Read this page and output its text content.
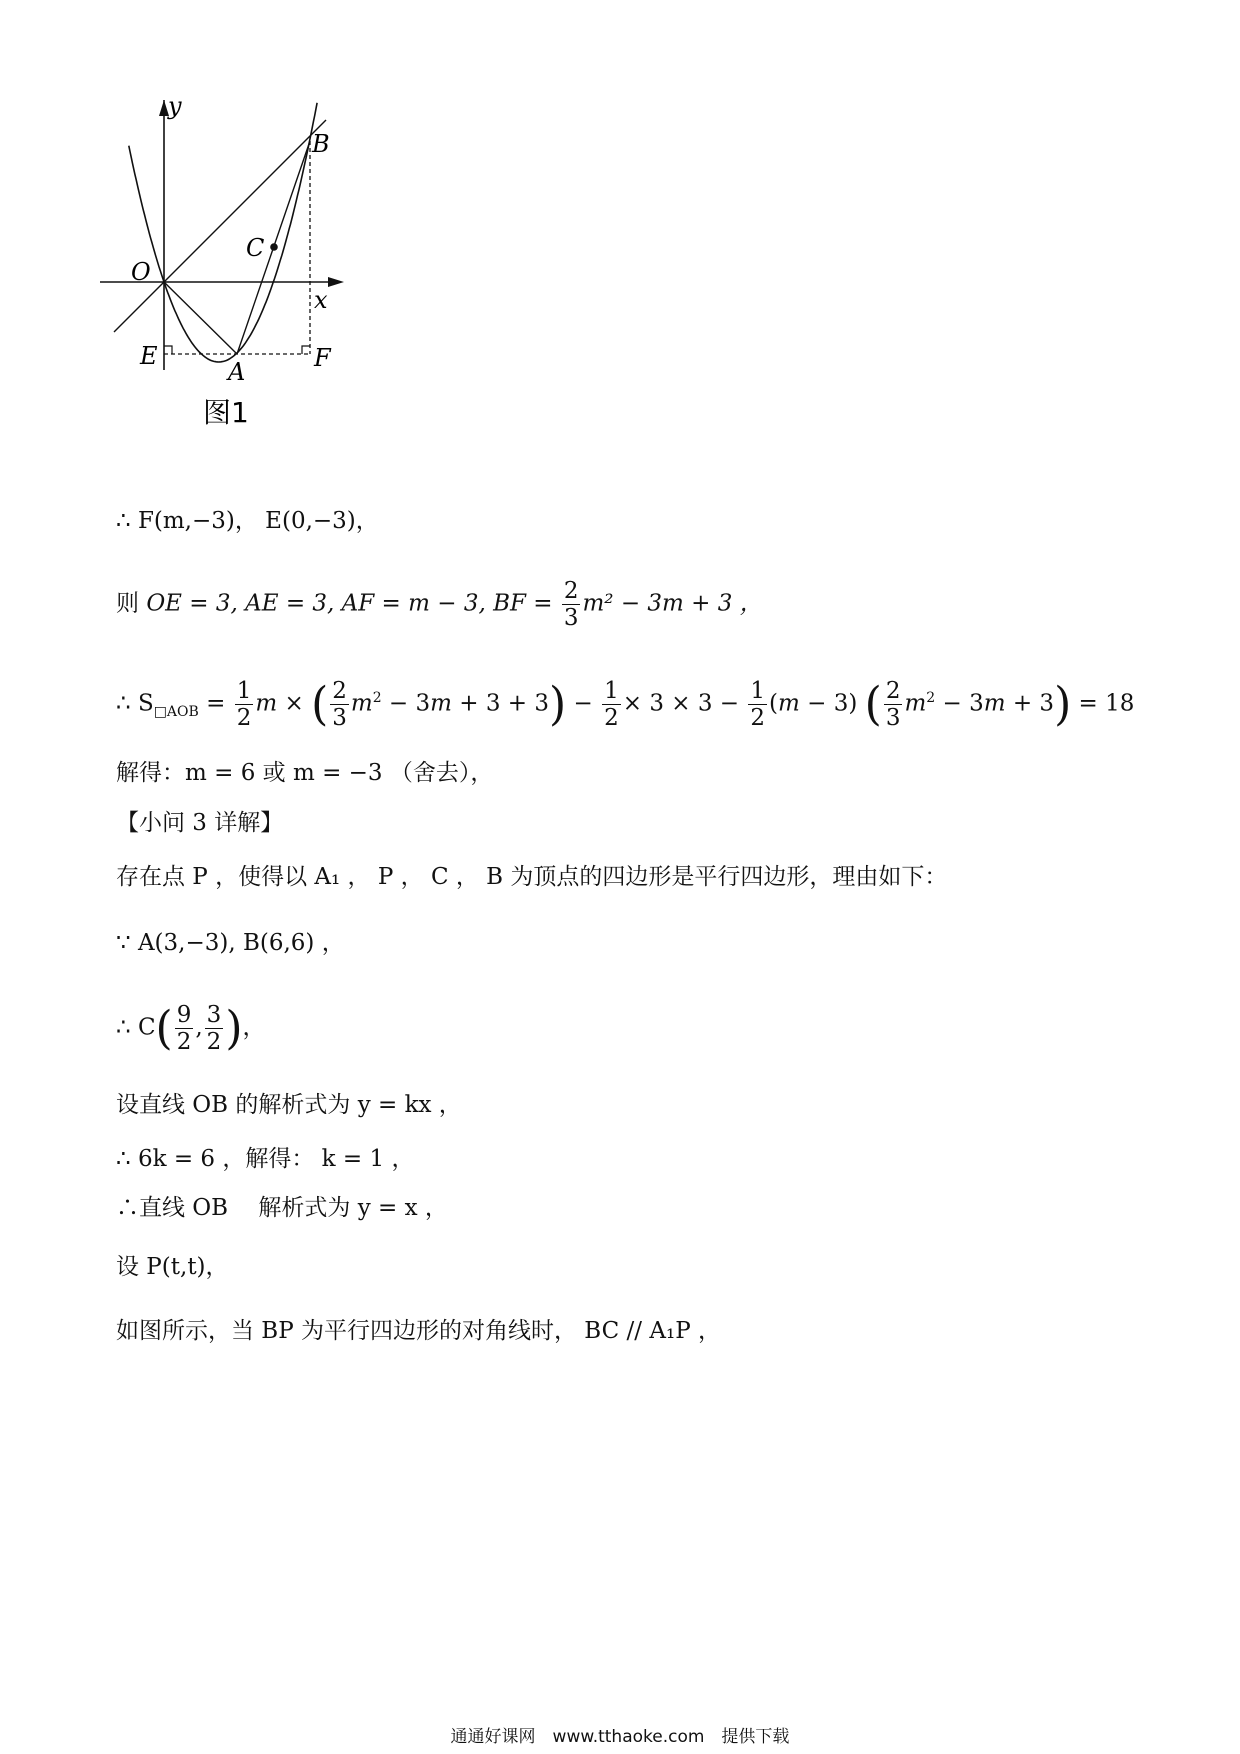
y
x
O
B
C
E	F
A
图1
∴ F(m,−3)， E(0,−3)，
则 OE = 3, AE = 3, AF = m − 3, BF = $\frac{2}{3} m^2 - 3m + 3$ ，
∴ $S_{□AOB} = \frac{1}{2}$ m × ( $\frac{2}{3} m^2 - 3m + 3 + 3) - \frac{1}{2} \times 3 \times 3 - \frac{1}{2} (m - 3)$ ( $\frac{2}{3} m^2 - 3m + 3) = 18$
解得：m = 6 或 m = −3 （舍去），
【小问 3 详解】
存在点 P ，使得以 A₁ ， P ， C ， B 为顶点的四边形是平行四边形，理由如下：
∵ A(3,−3), B(6,6) ，
∴ $C( \frac{9}{2}$ , $\frac{3}{2}$ )，
设直线 OB 的解析式为 y = kx ，
∴ 6k = 6 ，解得： k = 1 ，
∴直线 OB　 解析式为 y = x ，
设 P(t,t)，
如图所示，当 BP 为平行四边形的对角线时， BC // A₁P ，
通通好课网　www.tthaoke.com　提供下载
